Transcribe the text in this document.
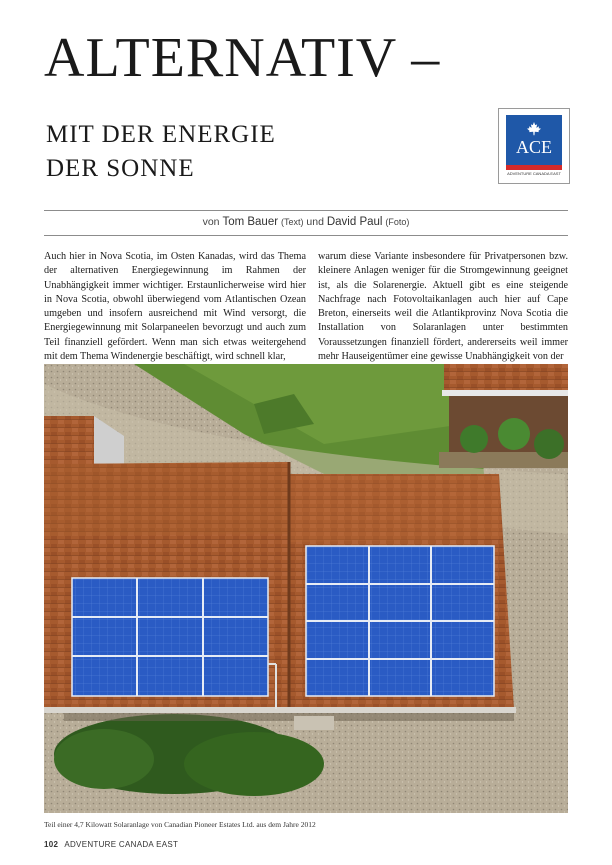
ALTERNATIV –
MIT DER ENERGIE
DER SONNE
ACE
ADVENTURE CANADA EAST
von Tom Bauer (Text) und David Paul (Foto)

Auch hier in Nova Scotia, im Osten Kanadas, wird das Thema der alternativen Energiegewinnung im Rahmen der Unabhängigkeit immer wichtiger. Erstaunlicherweise wird hier in Nova Scotia, obwohl überwiegend vom Atlantischen Ozean umgeben und insofern ausreichend mit Wind versorgt, die Energiegewinnung mit Solarpaneelen bevorzugt und auch zum Teil finanziell gefördert. Wenn man sich etwas weitergehend mit dem Thema Windenergie beschäftigt, wird schnell klar,

warum diese Variante insbesondere für Privatpersonen bzw. kleinere Anlagen weniger für die Stromgewinnung geeignet ist, als die Solarenergie. Aktuell gibt es eine steigende Nachfrage nach Fotovoltaikanlagen auch hier auf Cape Breton, einerseits weil die Atlantikprovinz Nova Scotia die Installation von Solaranlagen unter bestimmten Voraussetzungen finanziell fördert, andererseits weil immer mehr Hauseigentümer eine gewisse Unabhängigkeit von der

Teil einer 4,7 Kilowatt Solaranlage von Canadian Pioneer Estates Ltd. aus dem Jahre 2012
102 ADVENTURE CANADA EAST
